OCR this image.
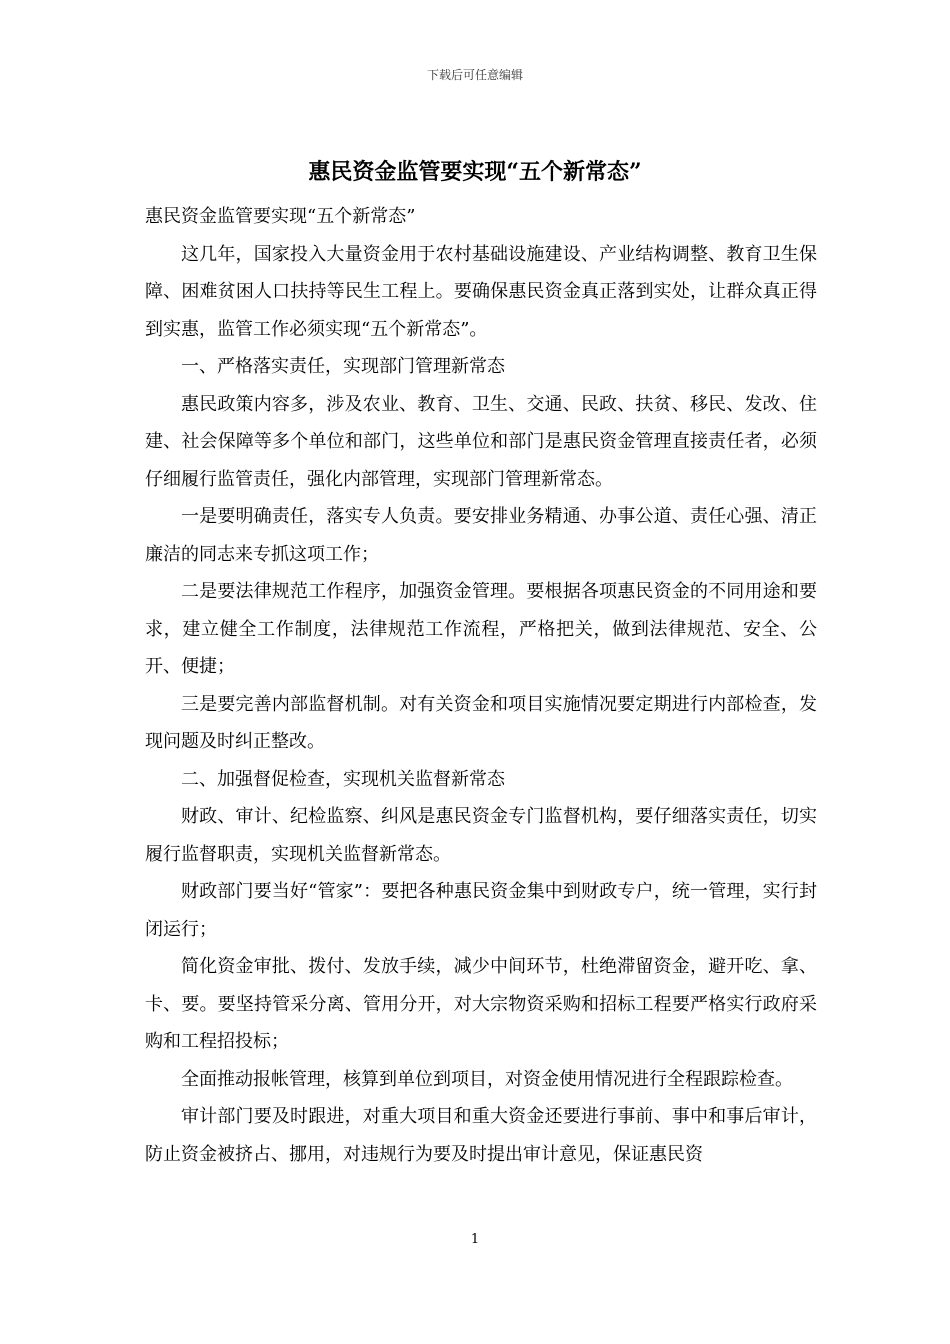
下载后可任意编辑
惠民资金监管要实现“五个新常态”

惠民资金监管要实现“五个新常态”

这几年，国家投入大量资金用于农村基础设施建设、产业结构调整、教育卫生保障、困难贫困人口扶持等民生工程上。要确保惠民资金真正落到实处，让群众真正得到实惠，监管工作必须实现“五个新常态”。

一、严格落实责任，实现部门管理新常态

惠民政策内容多，涉及农业、教育、卫生、交通、民政、扶贫、移民、发改、住建、社会保障等多个单位和部门，这些单位和部门是惠民资金管理直接责任者，必须仔细履行监管责任，强化内部管理，实现部门管理新常态。

一是要明确责任，落实专人负责。要安排业务精通、办事公道、责任心强、清正廉洁的同志来专抓这项工作；

二是要法律规范工作程序，加强资金管理。要根据各项惠民资金的不同用途和要求，建立健全工作制度，法律规范工作流程，严格把关，做到法律规范、安全、公开、便捷；

三是要完善内部监督机制。对有关资金和项目实施情况要定期进行内部检查，发现问题及时纠正整改。

二、加强督促检查，实现机关监督新常态

财政、审计、纪检监察、纠风是惠民资金专门监督机构，要仔细落实责任，切实履行监督职责，实现机关监督新常态。

财政部门要当好“管家”：要把各种惠民资金集中到财政专户，统一管理，实行封闭运行；

简化资金审批、拨付、发放手续，减少中间环节，杜绝滞留资金，避开吃、拿、卡、要。要坚持管采分离、管用分开，对大宗物资采购和招标工程要严格实行政府采购和工程招投标；

全面推动报帐管理，核算到单位到项目，对资金使用情况进行全程跟踪检查。

审计部门要及时跟进，对重大项目和重大资金还要进行事前、事中和事后审计，防止资金被挤占、挪用，对违规行为要及时提出审计意见，保证惠民资

1
